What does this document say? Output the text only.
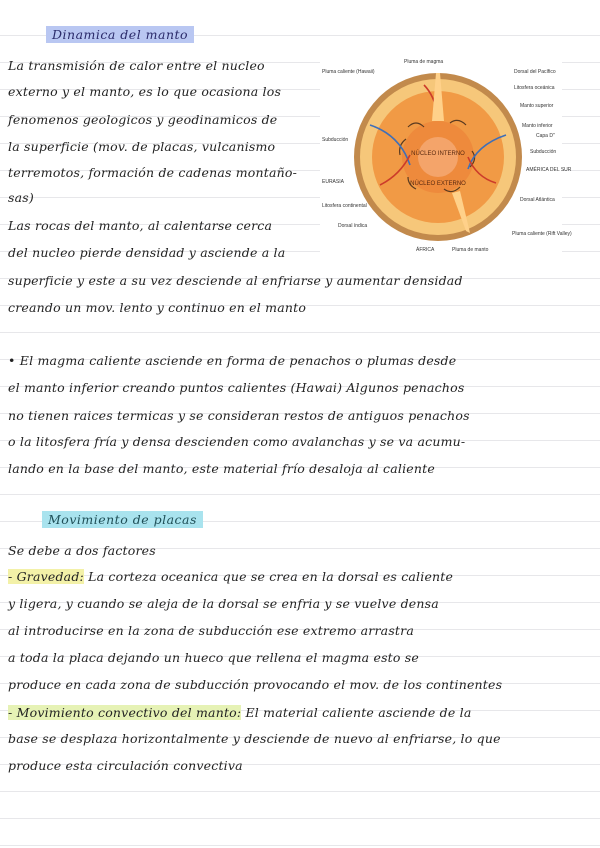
Dinamica del manto
La transmisión de calor entre el nucleo
externo y el manto, es lo que ocasiona los
fenomenos geologicos y geodinamicos de
la superficie (mov. de placas, vulcanismo
terremotos, formación de cadenas montaño-
sas)
Las rocas del manto, al calentarse cerca
del nucleo pierde densidad y asciende a la
superficie y este a su vez desciende al enfriarse y aumentar densidad
creando un mov. lento y continuo en el manto
• El magma caliente asciende en forma de penachos o plumas desde
el manto inferior creando puntos calientes (Hawai) Algunos penachos
no tienen raices termicas y se consideran restos de antiguos penachos
o la litosfera fría y densa descienden como avalanchas y se va acumu-
lando en la base del manto, este material frío desaloja al caliente
NÚCLEO INTERNO
NÚCLEO EXTERNO
Pluma de magma
Pluma caliente (Hawaii)	Dorsal del Pacífico
Litosfera oceánica
Manto superior
Manto inferior
Capa D"
Subducción
Subducción
AMÉRICA DEL SUR
EURASIA
Litosfera continental
Dorsal Atlántica
Dorsal índica
Pluma caliente (Rift Valley)
ÁFRICA	Pluma de manto
Movimiento de placas
Se debe a dos factores
- Gravedad: La corteza oceanica que se crea en la dorsal es caliente
y ligera, y cuando se aleja de la dorsal se enfria y se vuelve densa
al introducirse en la zona de subducción ese extremo arrastra
a toda la placa dejando un hueco que rellena el magma esto se
produce en cada zona de subducción provocando el mov. de los continentes
- Movimiento convectivo del manto: El material caliente asciende de la
base se desplaza horizontalmente y desciende de nuevo al enfriarse, lo que
produce esta circulación convectiva
